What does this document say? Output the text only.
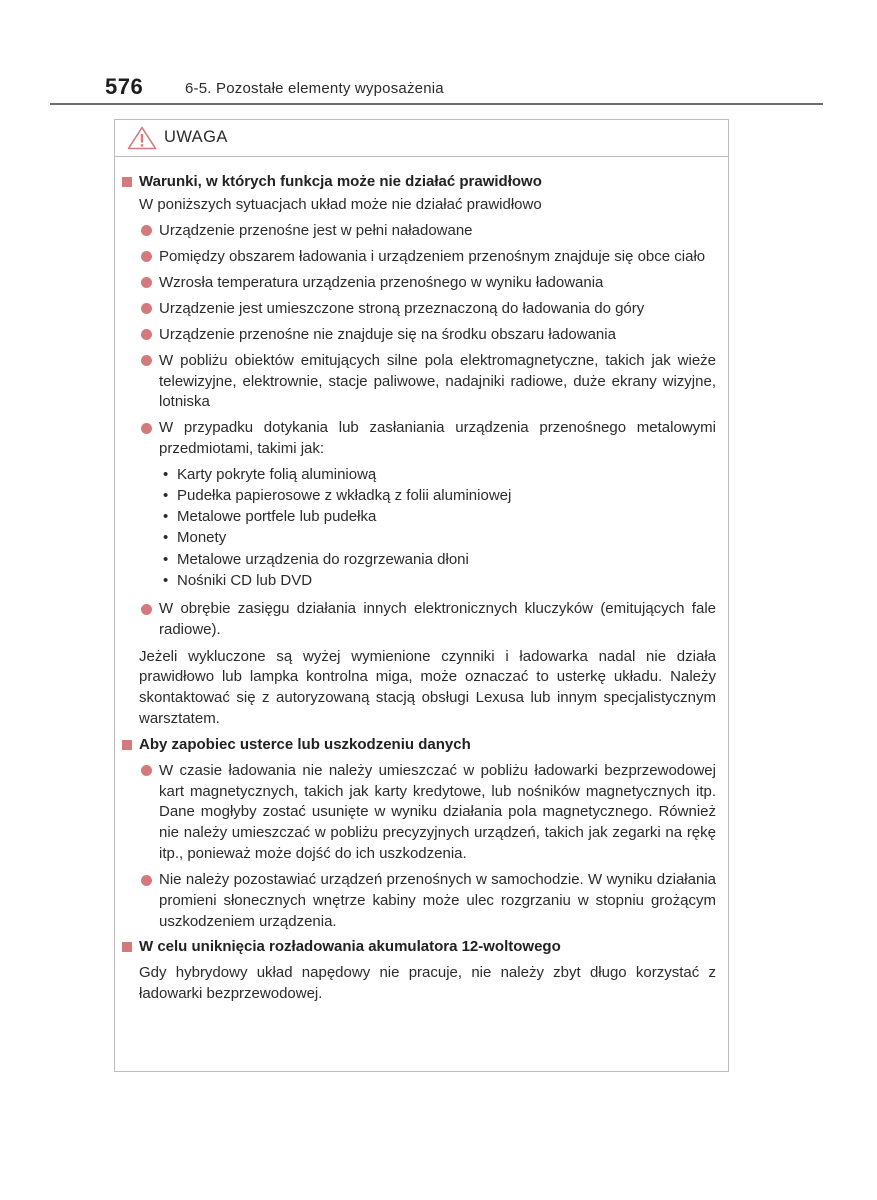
576	6-5. Pozostałe elementy wyposażenia
UWAGA
Warunki, w których funkcja może nie działać prawidłowo
W poniższych sytuacjach układ może nie działać prawidłowo
Urządzenie przenośne jest w pełni naładowane
Pomiędzy obszarem ładowania i urządzeniem przenośnym znajduje się obce ciało
Wzrosła temperatura urządzenia przenośnego w wyniku ładowania
Urządzenie jest umieszczone stroną przeznaczoną do ładowania do góry
Urządzenie przenośne nie znajduje się na środku obszaru ładowania
W pobliżu obiektów emitujących silne pola elektromagnetyczne, takich jak wieże telewizyjne, elektrownie, stacje paliwowe, nadajniki radiowe, duże ekrany wizyjne, lotniska
W przypadku dotykania lub zasłaniania urządzenia przenośnego metalowymi przedmiotami, takimi jak:
• Karty pokryte folią aluminiową
• Pudełka papierosowe z wkładką z folii aluminiowej
• Metalowe portfele lub pudełka
• Monety
• Metalowe urządzenia do rozgrzewania dłoni
• Nośniki CD lub DVD
W obrębie zasięgu działania innych elektronicznych kluczyków (emitujących fale radiowe).
Jeżeli wykluczone są wyżej wymienione czynniki i ładowarka nadal nie działa prawidłowo lub lampka kontrolna miga, może oznaczać to usterkę układu. Należy skontaktować się z autoryzowaną stacją obsługi Lexusa lub innym specjalistycznym warsztatem.
Aby zapobiec usterce lub uszkodzeniu danych
W czasie ładowania nie należy umieszczać w pobliżu ładowarki bezprzewodowej kart magnetycznych, takich jak karty kredytowe, lub nośników magnetycznych itp. Dane mogłyby zostać usunięte w wyniku działania pola magnetycznego. Również nie należy umieszczać w pobliżu precyzyjnych urządzeń, takich jak zegarki na rękę itp., ponieważ może dojść do ich uszkodzenia.
Nie należy pozostawiać urządzeń przenośnych w samochodzie. W wyniku działania promieni słonecznych wnętrze kabiny może ulec rozgrzaniu w stopniu grożącym uszkodzeniem urządzenia.
W celu uniknięcia rozładowania akumulatora 12-woltowego
Gdy hybrydowy układ napędowy nie pracuje, nie należy zbyt długo korzystać z ładowarki bezprzewodowej.
